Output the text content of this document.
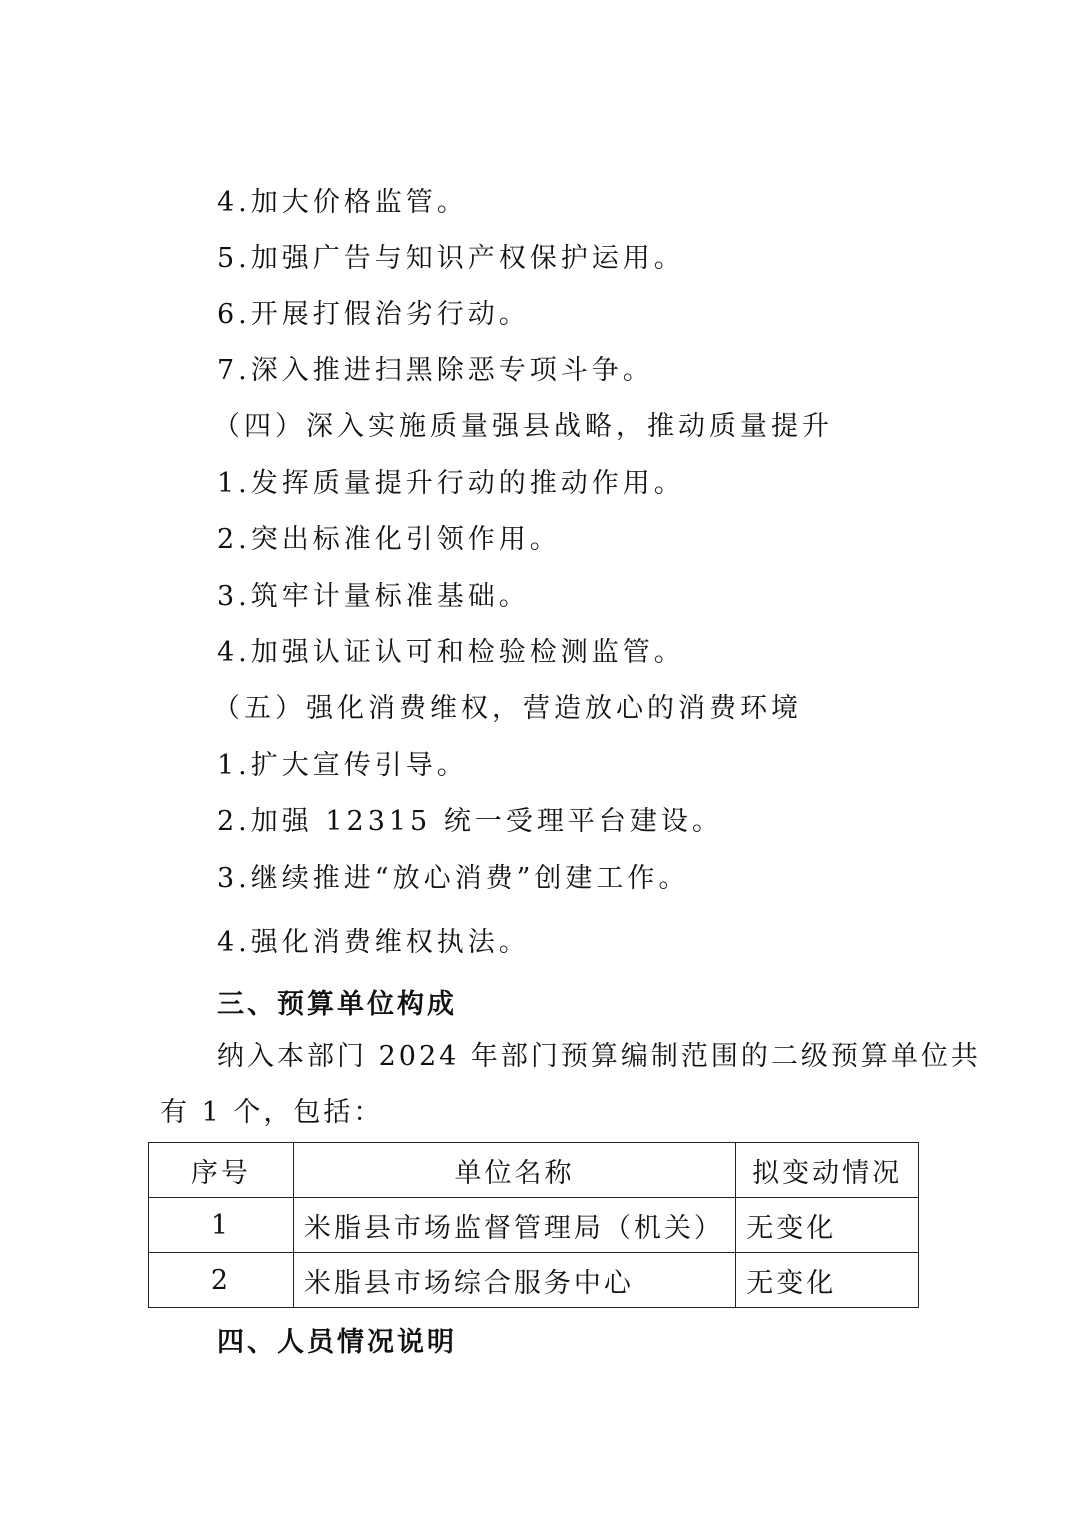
4.加大价格监管。
5.加强广告与知识产权保护运用。
6.开展打假治劣行动。
7.深入推进扫黑除恶专项斗争。
（四）深入实施质量强县战略，推动质量提升
1.发挥质量提升行动的推动作用。
2.突出标准化引领作用。
3.筑牢计量标准基础。
4.加强认证认可和检验检测监管。
（五）强化消费维权，营造放心的消费环境
1.扩大宣传引导。
2.加强 12315 统一受理平台建设。
3.继续推进“放心消费”创建工作。
4.强化消费维权执法。
三、预算单位构成
纳入本部门 2024 年部门预算编制范围的二级预算单位共
有 1 个，包括：
序号	单位名称	拟变动情况
1	米脂县市场监督管理局（机关）	无变化
2	米脂县市场综合服务中心	无变化
四、人员情况说明
